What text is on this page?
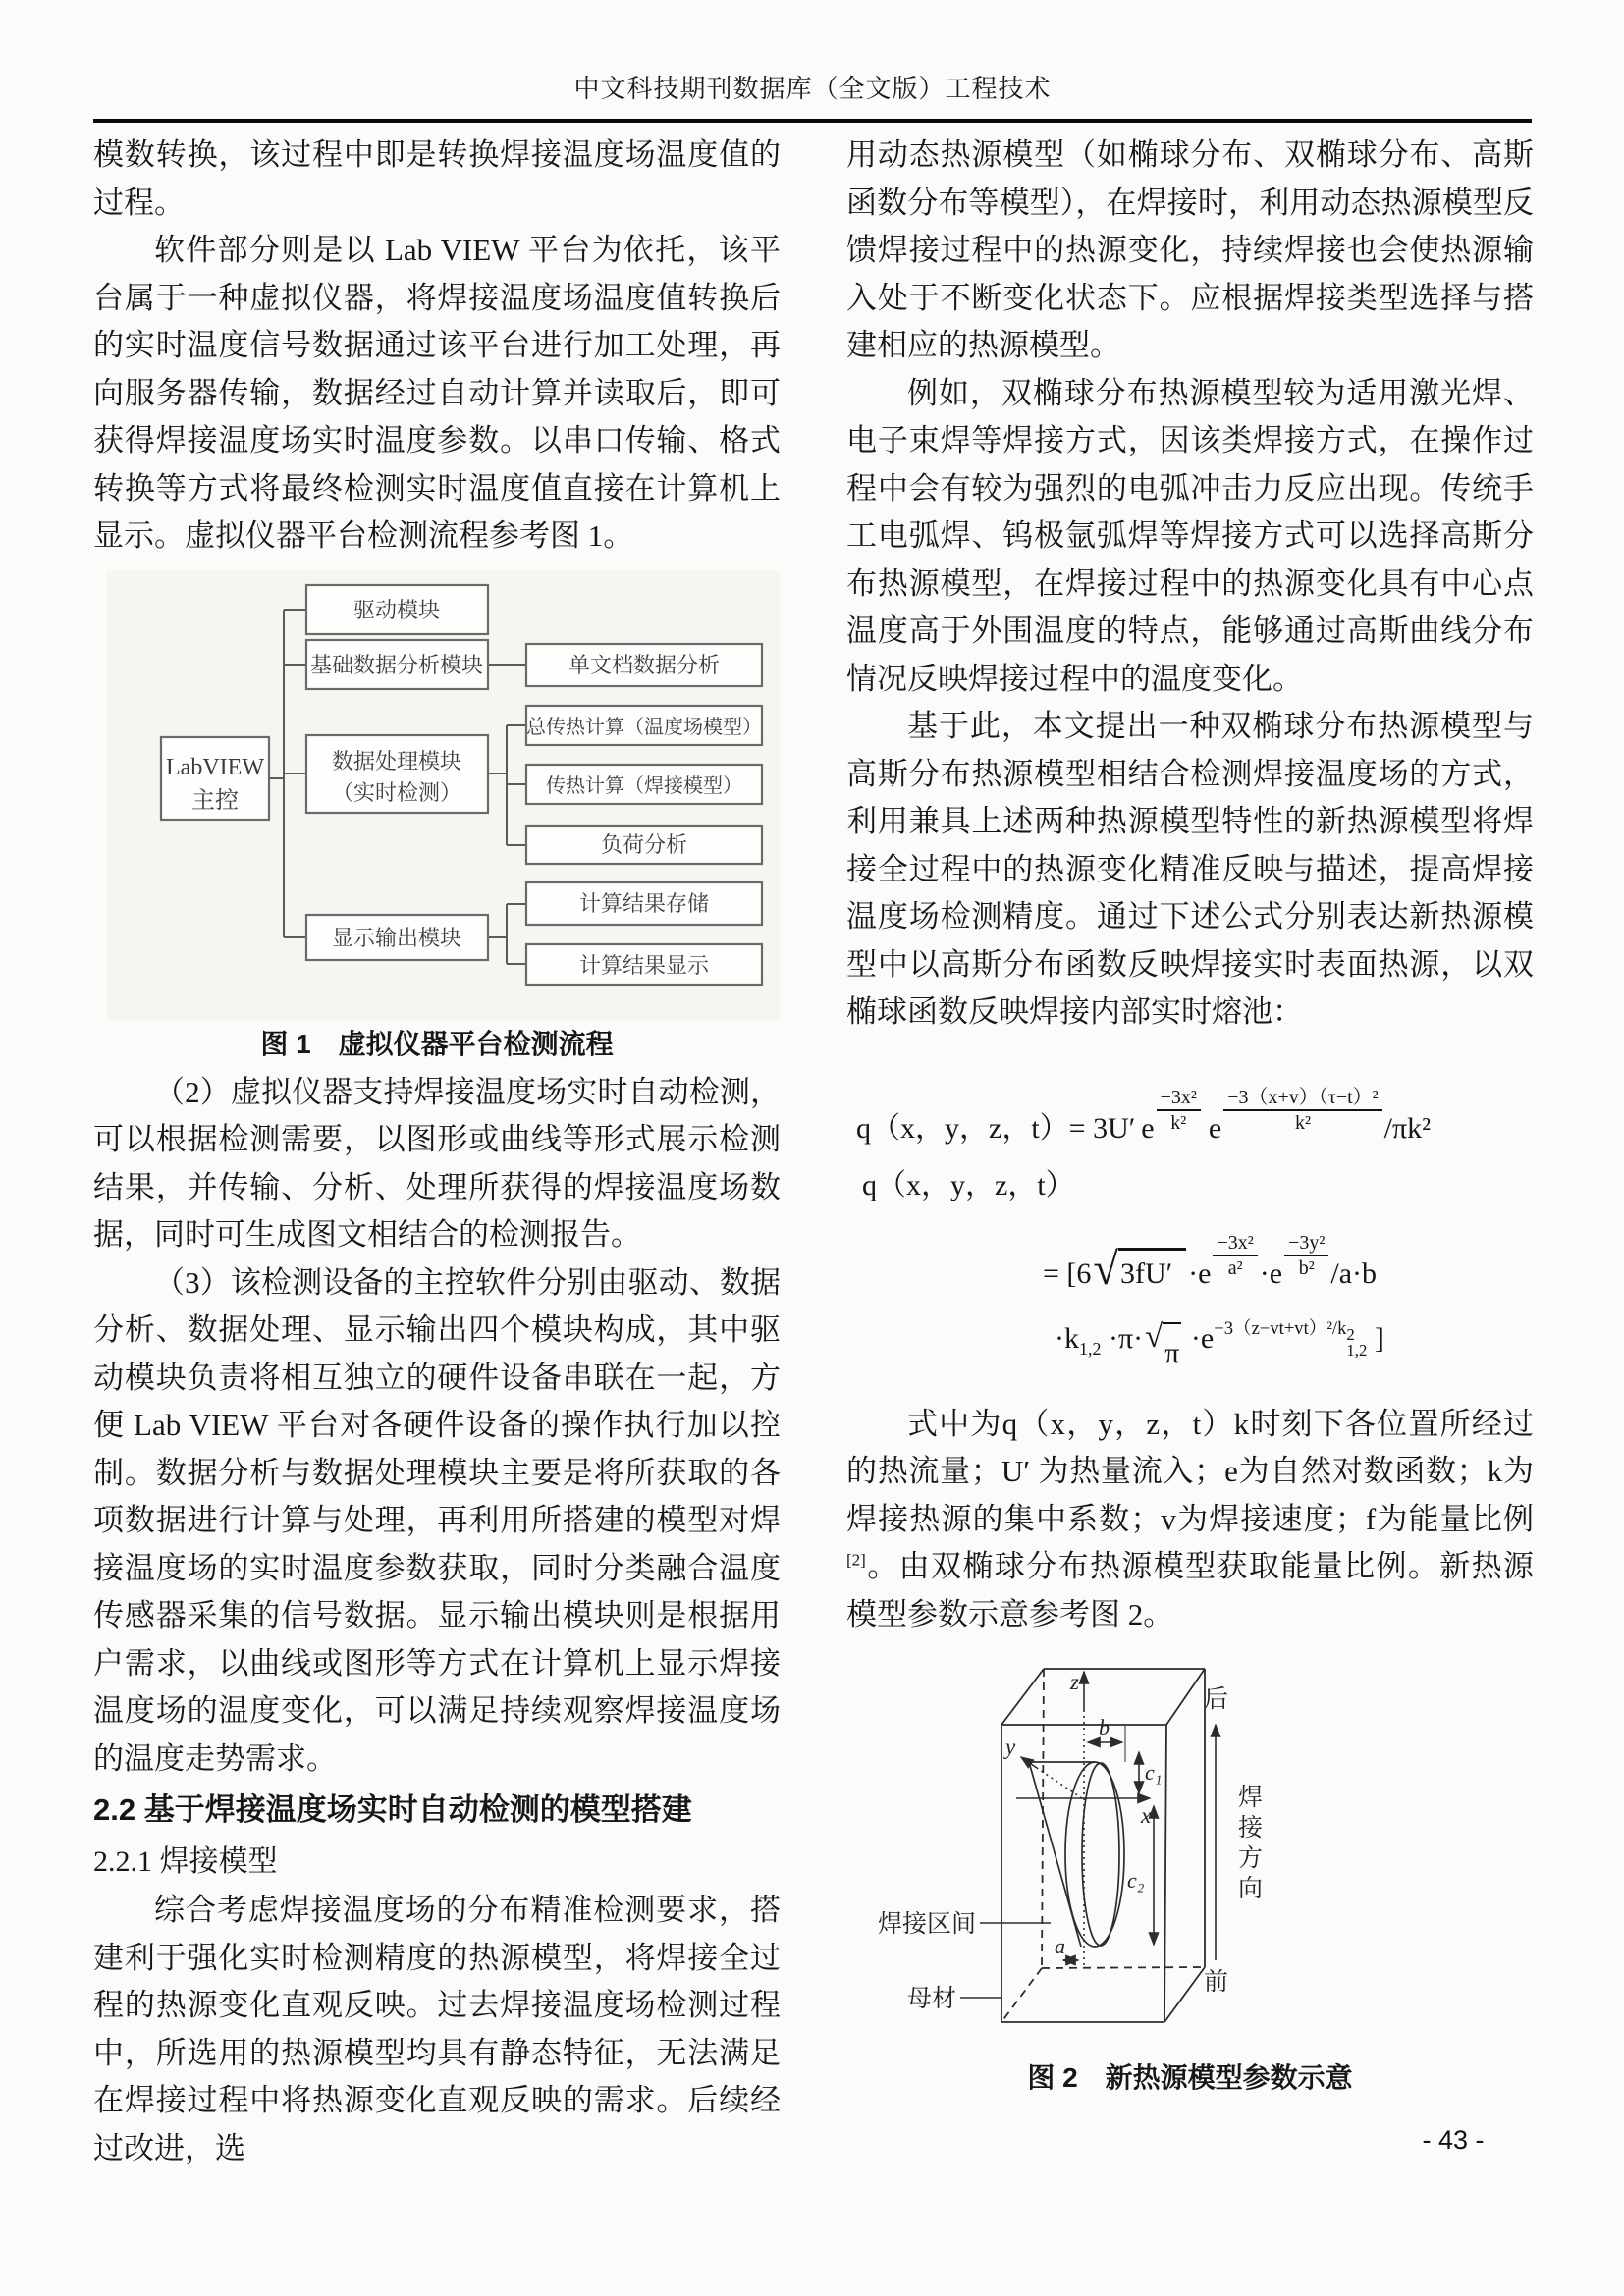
中文科技期刊数据库（全文版）工程技术

模数转换，该过程中即是转换焊接温度场温度值的过程。

软件部分则是以 Lab VIEW 平台为依托，该平台属于一种虚拟仪器，将焊接温度场温度值转换后的实时温度信号数据通过该平台进行加工处理，再向服务器传输，数据经过自动计算并读取后，即可获得焊接温度场实时温度参数。以串口传输、格式转换等方式将最终检测实时温度值直接在计算机上显示。虚拟仪器平台检测流程参考图 1。

LabVIEW
主控
驱动模块
基础数据分析模块
数据处理模块
（实时检测）
显示输出模块
单文档数据分析
总传热计算（温度场模型）
传热计算（焊接模型）
负荷分析
计算结果存储
计算结果显示

图 1　虚拟仪器平台检测流程

（2）虚拟仪器支持焊接温度场实时自动检测，可以根据检测需要，以图形或曲线等形式展示检测结果，并传输、分析、处理所获得的焊接温度场数据，同时可生成图文相结合的检测报告。

（3）该检测设备的主控软件分别由驱动、数据分析、数据处理、显示输出四个模块构成，其中驱动模块负责将相互独立的硬件设备串联在一起，方便 Lab VIEW 平台对各硬件设备的操作执行加以控制。数据分析与数据处理模块主要是将所获取的各项数据进行计算与处理，再利用所搭建的模型对焊接温度场的实时温度参数获取，同时分类融合温度传感器采集的信号数据。显示输出模块则是根据用户需求，以曲线或图形等方式在计算机上显示焊接温度场的温度变化，可以满足持续观察焊接温度场的温度走势需求。

2.2 基于焊接温度场实时自动检测的模型搭建

2.2.1 焊接模型

综合考虑焊接温度场的分布精准检测要求，搭建利于强化实时检测精度的热源模型，将焊接全过程的热源变化直观反映。过去焊接温度场检测过程中，所选用的热源模型均具有静态特征，无法满足在焊接过程中将热源变化直观反映的需求。后续经过改进，选

用动态热源模型（如椭球分布、双椭球分布、高斯函数分布等模型），在焊接时，利用动态热源模型反馈焊接过程中的热源变化，持续焊接也会使热源输入处于不断变化状态下。应根据焊接类型选择与搭建相应的热源模型。

例如，双椭球分布热源模型较为适用激光焊、电子束焊等焊接方式，因该类焊接方式，在操作过程中会有较为强烈的电弧冲击力反应出现。传统手工电弧焊、钨极氩弧焊等焊接方式可以选择高斯分布热源模型，在焊接过程中的热源变化具有中心点温度高于外围温度的特点，能够通过高斯曲线分布情况反映焊接过程中的温度变化。

基于此，本文提出一种双椭球分布热源模型与高斯分布热源模型相结合检测焊接温度场的方式，利用兼具上述两种热源模型特性的新热源模型将焊接全过程中的热源变化精准反映与描述，提高焊接温度场检测精度。通过下述公式分别表达新热源模型中以高斯分布函数反映焊接实时表面热源，以双椭球函数反映焊接内部实时熔池：

q（x，y，z，t）= 3U′ e $\frac{\text{−3x²}}{\text{k²}}$ e $\frac{\text{−3（x+v）（τ−t）²}}{\text{k²}} /\pi k^2$
q（x，y，z，t）
= [6 √ $3fU' \cdot e \frac{\text{−3x²}}{\text{a²}} \cdot e \frac{\text{−3y²}}{\text{b²}} /a\cdot b$
$\cdot k_{1,2} \cdot\pi\cdot$ √ $\pi \cdot e^{-3(z-vt+vt)^2/k 2 1,2}$ ]

式中为q（x，y，z，t）k时刻下各位置所经过的热流量；U′ 为热量流入；e为自然对数函数；k为焊接热源的集中系数；v为焊接速度；f为能量比例[2]。由双椭球分布热源模型获取能量比例。新热源模型参数示意参考图 2。

z
y
x
b
c₁
c₂
a
后
前
焊接区间
母材
焊接方向

图 2　新热源模型参数示意

- 43 -
